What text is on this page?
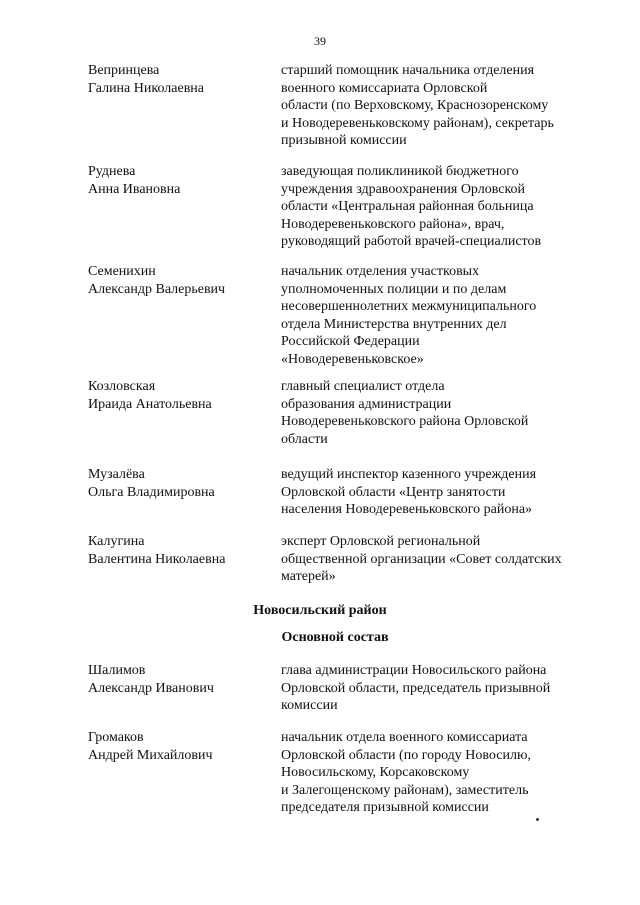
39
Вепринцева
Галина Николаевна
старший помощник начальника отделения
военного комиссариата Орловской
области (по Верховскому, Краснозоренскому
и Новодеревеньковскому районам), секретарь
призывной комиссии
Руднева
Анна Ивановна
заведующая поликлиникой бюджетного
учреждения здравоохранения Орловской
области «Центральная районная больница
Новодеревеньковского района», врач,
руководящий работой врачей-специалистов
Семенихин
Александр Валерьевич
начальник отделения участковых
уполномоченных полиции и по делам
несовершеннолетних межмуниципального
отдела Министерства внутренних дел
Российской Федерации
«Новодеревеньковское»
Козловская
Ираида Анатольевна
главный специалист отдела
образования администрации
Новодеревеньковского района Орловской
области
Музалёва
Ольга Владимировна
ведущий инспектор казенного учреждения
Орловской области «Центр занятости
населения Новодеревеньковского района»
Калугина
Валентина Николаевна
эксперт Орловской региональной
общественной организации «Совет солдатских
матерей»
Новосильский район
Основной состав
Шалимов
Александр Иванович
глава администрации Новосильского района
Орловской области, председатель призывной
комиссии
Громаков
Андрей Михайлович
начальник отдела военного комиссариата
Орловской области (по городу Новосилю,
Новосильскому, Корсаковскому
и Залегощенскому районам), заместитель
председателя призывной комиссии
